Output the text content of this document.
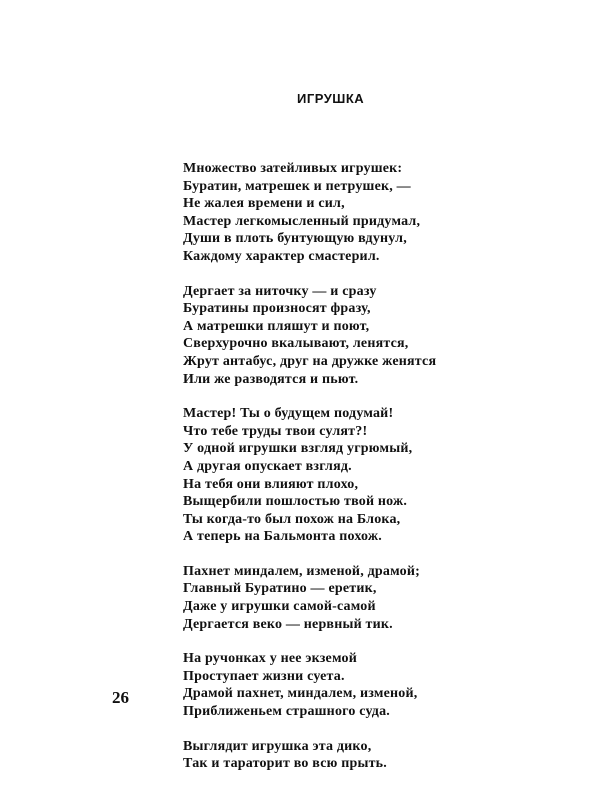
ИГРУШКА
Множество затейливых игрушек:
Буратин, матрешек и петрушек, —
Не жалея времени и сил,
Мастер легкомысленный придумал,
Души в плоть бунтующую вдунул,
Каждому характер смастерил.
Дергает за ниточку — и сразу
Буратины произносят фразу,
А матрешки пляшут и поют,
Сверхурочно вкалывают, ленятся,
Жрут антабус, друг на дружке женятся
Или же разводятся и пьют.
Мастер! Ты о будущем подумай!
Что тебе труды твои сулят?!
У одной игрушки взгляд угрюмый,
А другая опускает взгляд.
На тебя они влияют плохо,
Выщербили пошлостью твой нож.
Ты когда-то был похож на Блока,
А теперь на Бальмонта похож.
Пахнет миндалем, изменой, драмой;
Главный Буратино — еретик,
Даже у игрушки самой-самой
Дергается веко — нервный тик.
На ручонках у нее экземой
Проступает жизни суета.
Драмой пахнет, миндалем, изменой,
Приближеньем страшного суда.
Выглядит игрушка эта дико,
Так и тараторит во всю прыть.
26
